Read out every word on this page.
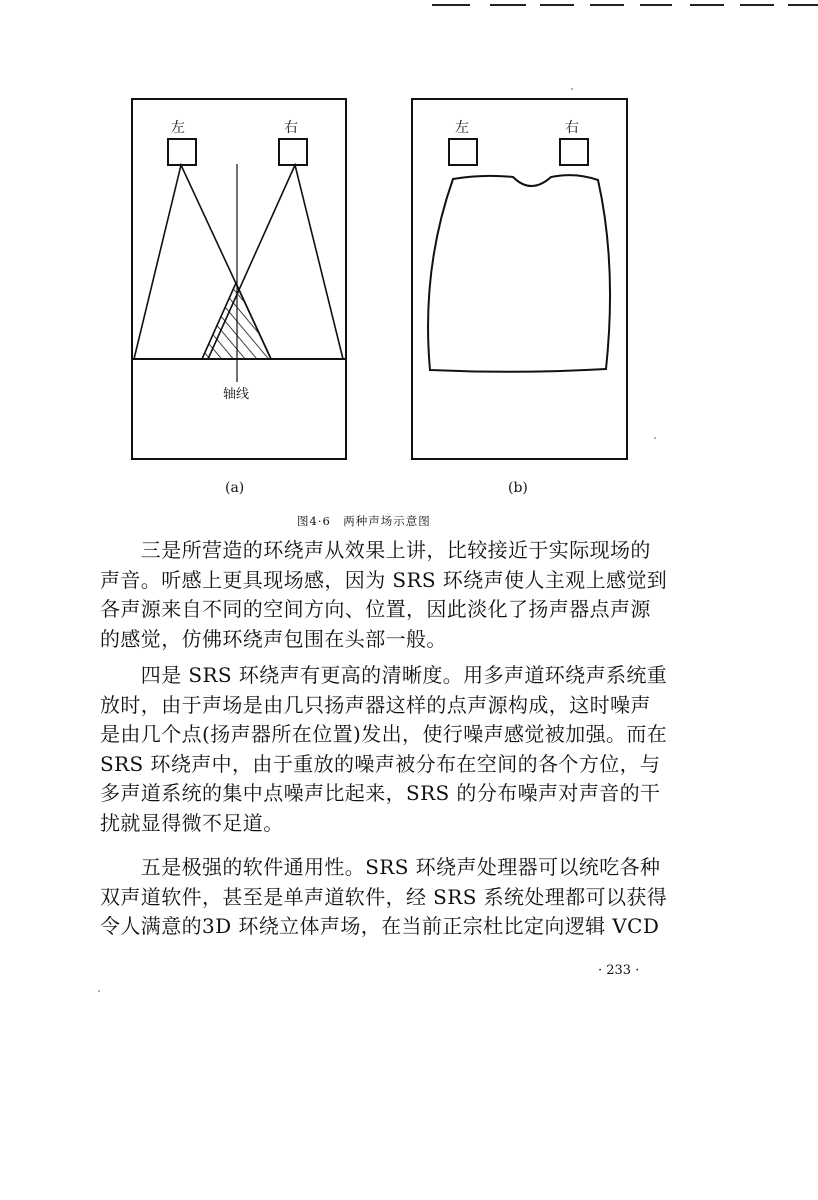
左	右
轴线
(a)
左	右
(b)
图4·6　两种声场示意图
　　三是所营造的环绕声从效果上讲，比较接近于实际现场的
声音。听感上更具现场感，因为 SRS 环绕声使人主观上感觉到
各声源来自不同的空间方向、位置，因此淡化了扬声器点声源
的感觉，仿佛环绕声包围在头部一般。
　　四是 SRS 环绕声有更高的清晰度。用多声道环绕声系统重
放时，由于声场是由几只扬声器这样的点声源构成，这时噪声
是由几个点(扬声器所在位置)发出，使行噪声感觉被加强。而在
SRS 环绕声中，由于重放的噪声被分布在空间的各个方位，与
多声道系统的集中点噪声比起来，SRS 的分布噪声对声音的干
扰就显得微不足道。
　　五是极强的软件通用性。SRS 环绕声处理器可以统吃各种
双声道软件，甚至是单声道软件，经 SRS 系统处理都可以获得
令人满意的3D 环绕立体声场，在当前正宗杜比定向逻辑 VCD
· 233 ·
